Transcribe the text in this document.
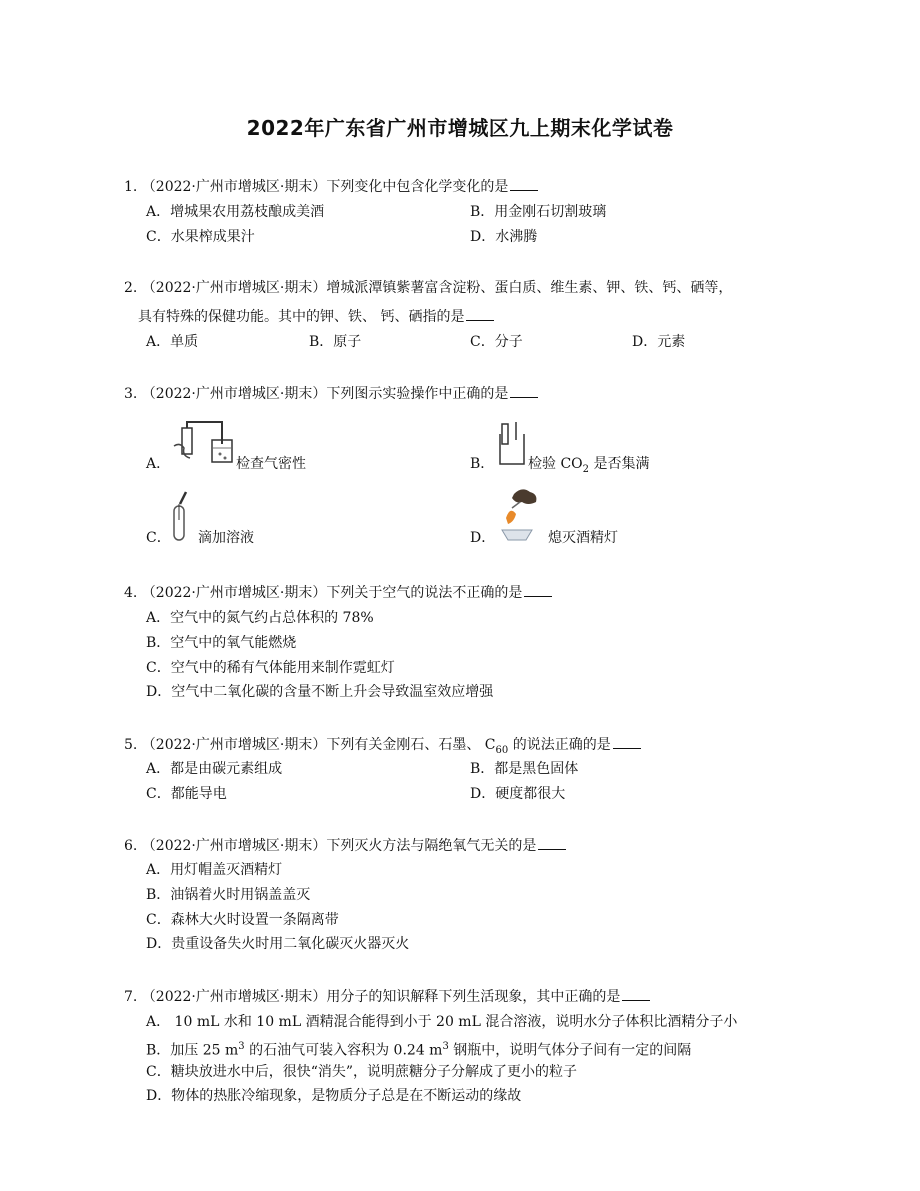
2022年广东省广州市增城区九上期末化学试卷
1. （2022·广州市增城区·期末）下列变化中包含化学变化的是
A．增城果农用荔枝酿成美酒	B．用金刚石切割玻璃
C．水果榨成果汁	D．水沸腾
2. （2022·广州市增城区·期末）增城派潭镇紫薯富含淀粉、蛋白质、维生素、钾、铁、钙、硒等，
具有特殊的保健功能。其中的钾、铁、 钙、硒指的是
A．单质	B．原子	C．分子	D．元素
3. （2022·广州市增城区·期末）下列图示实验操作中正确的是
A．	检查气密性	B． 检验 $CO_2$ 是否集满
C． 滴加溶液	D．	熄灭酒精灯
4. （2022·广州市增城区·期末）下列关于空气的说法不正确的是
A．空气中的氮气约占总体积的 78%
B．空气中的氧气能燃烧
C．空气中的稀有气体能用来制作霓虹灯
D．空气中二氧化碳的含量不断上升会导致温室效应增强
5. （2022·广州市增城区·期末）下列有关金刚石、石墨、 $C_{60}$ 的说法正确的是
A．都是由碳元素组成	B．都是黑色固体
C．都能导电	D．硬度都很大
6. （2022·广州市增城区·期末）下列灭火方法与隔绝氧气无关的是
A．用灯帽盖灭酒精灯
B．油锅着火时用锅盖盖灭
C．森林大火时设置一条隔离带
D．贵重设备失火时用二氧化碳灭火器灭火
7. （2022·广州市增城区·期末）用分子的知识解释下列生活现象，其中正确的是
A． 10 mL 水和 10 mL 酒精混合能得到小于 20 mL 混合溶液，说明水分子体积比酒精分子小
B．加压 25 $m^3$ 的石油气可装入容积为 0.24 $m^3$ 钢瓶中，说明气体分子间有一定的间隔
C．糖块放进水中后，很快“消失”，说明蔗糖分子分解成了更小的粒子
D．物体的热胀冷缩现象，是物质分子总是在不断运动的缘故
